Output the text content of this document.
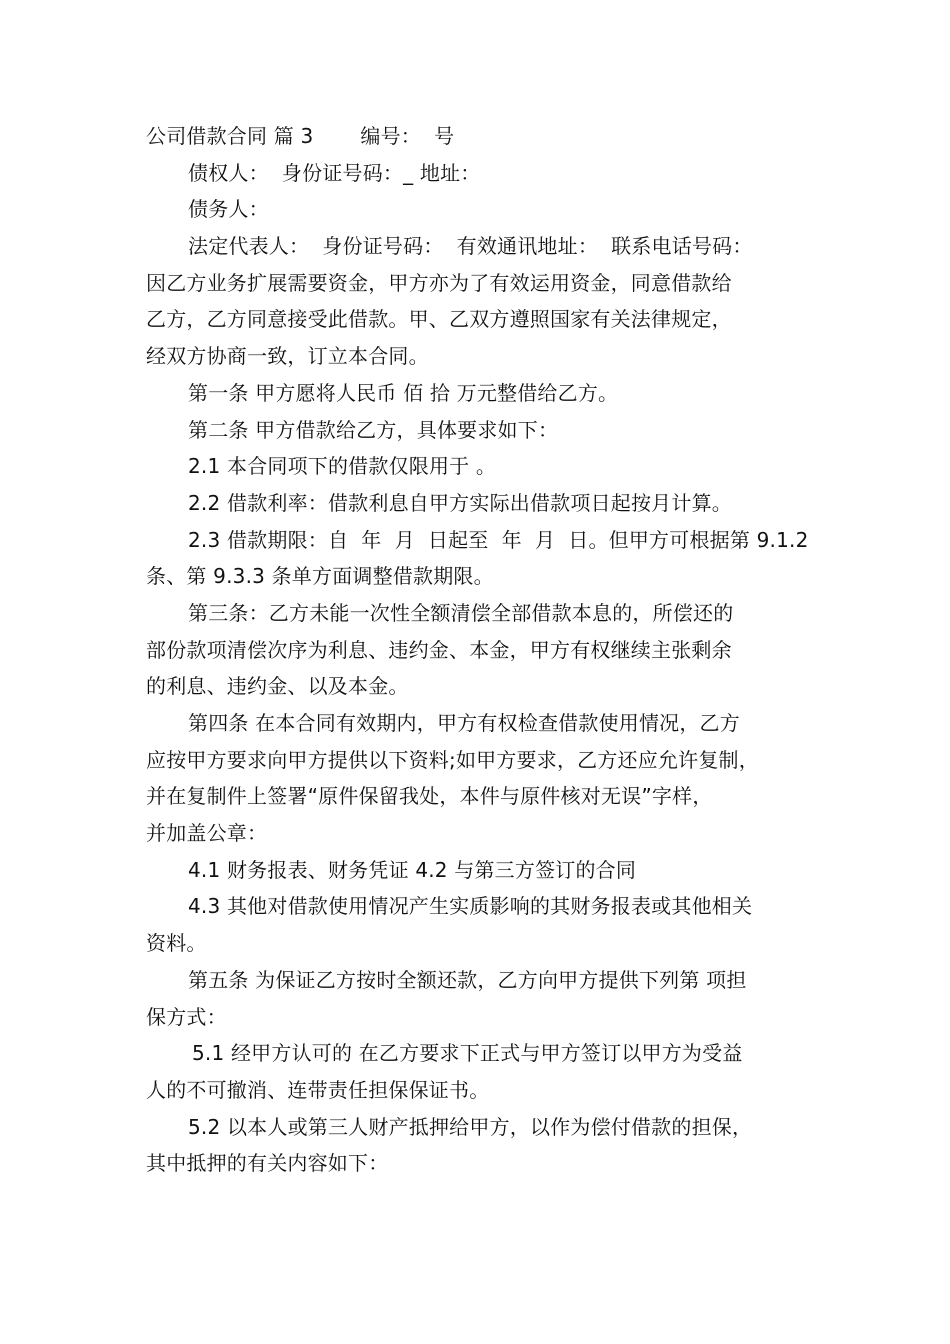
公司借款合同 篇 3　　 编号：  号
债权人：  身份证号码：_ 地址：
债务人：
法定代表人：  身份证号码：  有效通讯地址：  联系电话号码：
因乙方业务扩展需要资金，甲方亦为了有效运用资金，同意借款给
乙方，乙方同意接受此借款。甲、乙双方遵照国家有关法律规定，
经双方协商一致，订立本合同。
第一条 甲方愿将人民币 佰 拾 万元整借给乙方。
第二条 甲方借款给乙方，具体要求如下：
2.1 本合同项下的借款仅限用于 。
2.2 借款利率：借款利息自甲方实际出借款项日起按月计算。
2.3 借款期限：自  年  月  日起至  年  月  日。但甲方可根据第 9.1.2
条、第 9.3.3 条单方面调整借款期限。
第三条：乙方未能一次性全额清偿全部借款本息的，所偿还的
部份款项清偿次序为利息、违约金、本金，甲方有权继续主张剩余
的利息、违约金、以及本金。
第四条 在本合同有效期内，甲方有权检查借款使用情况，乙方
应按甲方要求向甲方提供以下资料;如甲方要求，乙方还应允许复制，
并在复制件上签署“原件保留我处，本件与原件核对无误”字样，
并加盖公章：
4.1 财务报表、财务凭证 4.2 与第三方签订的合同
4.3 其他对借款使用情况产生实质影响的其财务报表或其他相关
资料。
第五条 为保证乙方按时全额还款，乙方向甲方提供下列第 项担
保方式：
5.1 经甲方认可的 在乙方要求下正式与甲方签订以甲方为受益
人的不可撤消、连带责任担保保证书。
5.2 以本人或第三人财产抵押给甲方，以作为偿付借款的担保，
其中抵押的有关内容如下：
